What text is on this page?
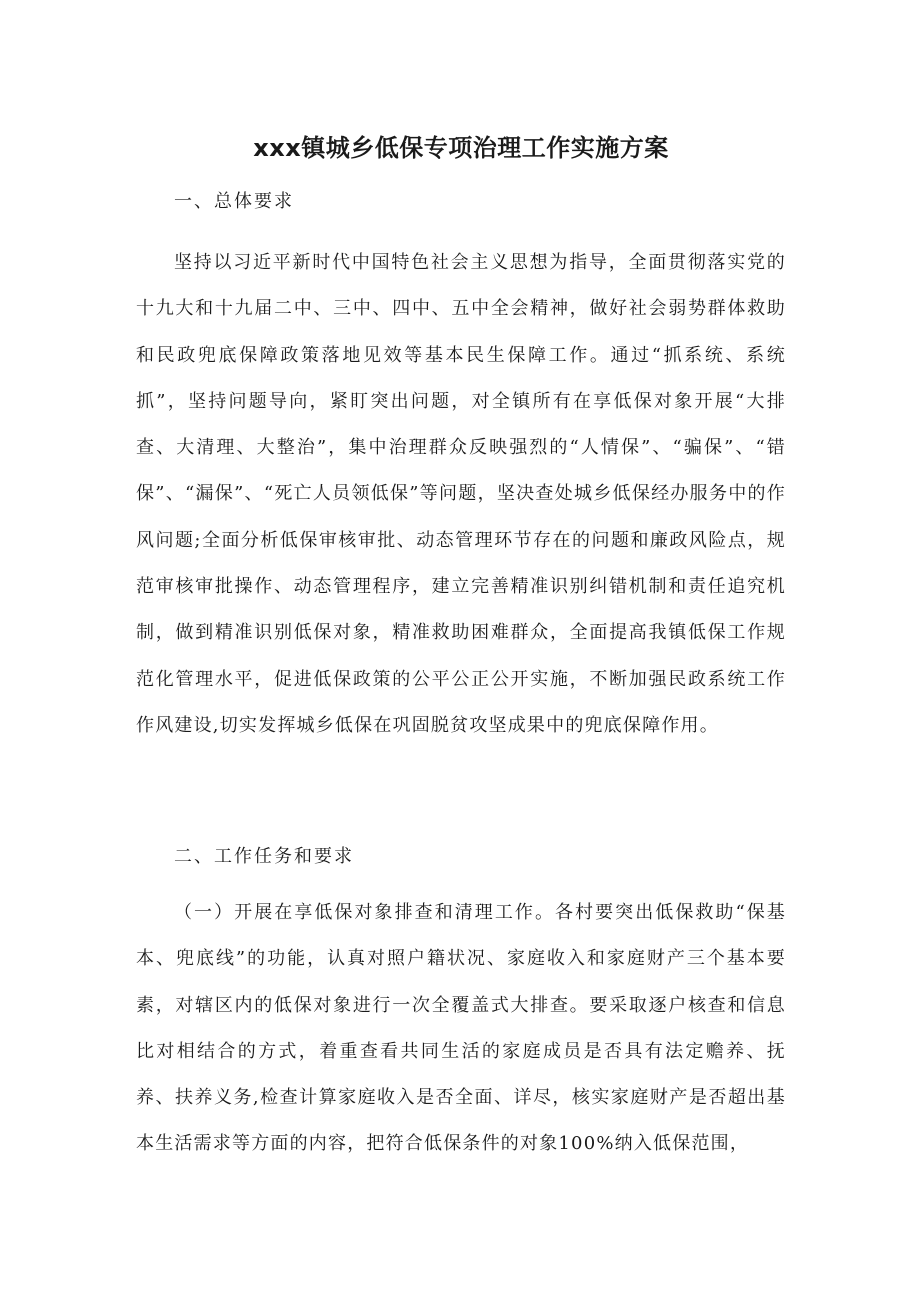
xxx镇城乡低保专项治理工作实施方案
一、总体要求
坚持以习近平新时代中国特色社会主义思想为指导，全面贯彻落实党的十九大和十九届二中、三中、四中、五中全会精神，做好社会弱势群体救助和民政兜底保障政策落地见效等基本民生保障工作。通过“抓系统、系统抓”，坚持问题导向，紧盯突出问题，对全镇所有在享低保对象开展“大排查、大清理、大整治”，集中治理群众反映强烈的“人情保”、“骗保”、“错保”、“漏保”、“死亡人员领低保”等问题，坚决查处城乡低保经办服务中的作风问题;全面分析低保审核审批、动态管理环节存在的问题和廉政风险点，规范审核审批操作、动态管理程序，建立完善精准识别纠错机制和责任追究机制，做到精准识别低保对象，精准救助困难群众，全面提高我镇低保工作规范化管理水平，促进低保政策的公平公正公开实施，不断加强民政系统工作作风建设,切实发挥城乡低保在巩固脱贫攻坚成果中的兜底保障作用。
二、工作任务和要求
（一）开展在享低保对象排查和清理工作。各村要突出低保救助“保基本、兜底线”的功能，认真对照户籍状况、家庭收入和家庭财产三个基本要素，对辖区内的低保对象进行一次全覆盖式大排查。要采取逐户核查和信息比对相结合的方式，着重查看共同生活的家庭成员是否具有法定赡养、抚养、扶养义务,检查计算家庭收入是否全面、详尽，核实家庭财产是否超出基本生活需求等方面的内容，把符合低保条件的对象100%纳入低保范围，
